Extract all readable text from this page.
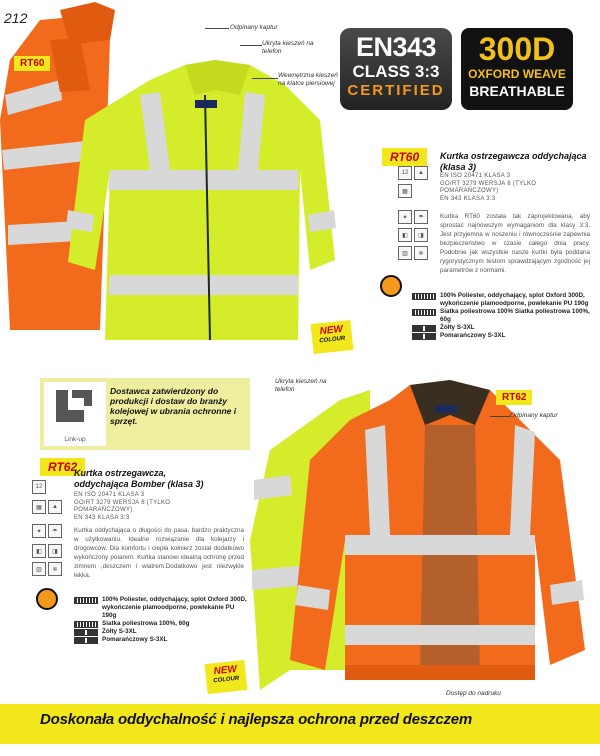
212
RT60
Odpinany kaptur
Ukryta kieszeń na telefon
Wewnętrzna kieszeń na klatce piersiowej
EN343
CLASS 3:3
CERTIFIED
300D
OXFORD WEAVE
BREATHABLE
RT60	Kurtka ostrzegawcza oddychająca (klasa 3)
EN ISO 20471 KLASA 3
GO/RT 3279 WERSJA 8 (TYLKO
POMARAŃCZOWY)
EN 343 KLASA 3:3
12	▲
▦
✦	☂
◧	◨
▥	❄
Kurtka RT60 została tak zaprojektowana, aby sprostać najnowszym wymaganiom dla klasy 3:3. Jest przyjemna w noszeniu i równocześnie zapewnia bezpieczeństwo w czasie całego dnia pracy. Podobnie jak wszystkie nasze kurtki była poddana rygorystycznym testom sprawdzającym zgodność jej parametrów z normami.
100% Poliester, oddychający, splot Oxford 300D, wykończenie plamoodporne, powlekanie PU 190g
Siatka poliestrowa 100% Siatka poliestrowa 100%, 60g
Żółty S-3XL
Pomarańczowy S-3XL
NEW
COLOUR
Link-up
Dostawca zatwierdzony do produkcji i dostaw do branży kolejowej w ubrania ochronne i sprzęt.
Ukryta kieszeń na telefon
RT62
Odpinany kaptur
Dostęp do nadruku
RT62
Kurtka ostrzegawcza,
oddychająca Bomber (klasa 3)
EN ISO 20471 KLASA 3
GO/RT 3279 WERSJA 8 (TYLKO
POMARAŃCZOWY)
EN 343 KLASA 3:3
12
▦	▲
✦	☂
◧	◨
▥	❄
Kurtka oddychająca o długości do pasa, bardzo praktyczna w użytkowaniu. Idealne rozwiązanie dla kolejarzy i drogowców. Dla komfortu i ciepła kołnierz został dodatkowo wykończony polarem. Kurtka stanowi idealną ochronę przed zimnem ,deszczem i wiatrem.Dodatkowo jest niezwykle lekka.
100% Poliester, oddychający, splot Oxford 300D, wykończenie plamoodporne, powlekanie PU 190g
Siatka poliestrowa 100%, 60g
Żółty S-3XL
Pomarańczowy S-3XL
NEW
COLOUR
Doskonała oddychalność i najlepsza ochrona przed deszczem
